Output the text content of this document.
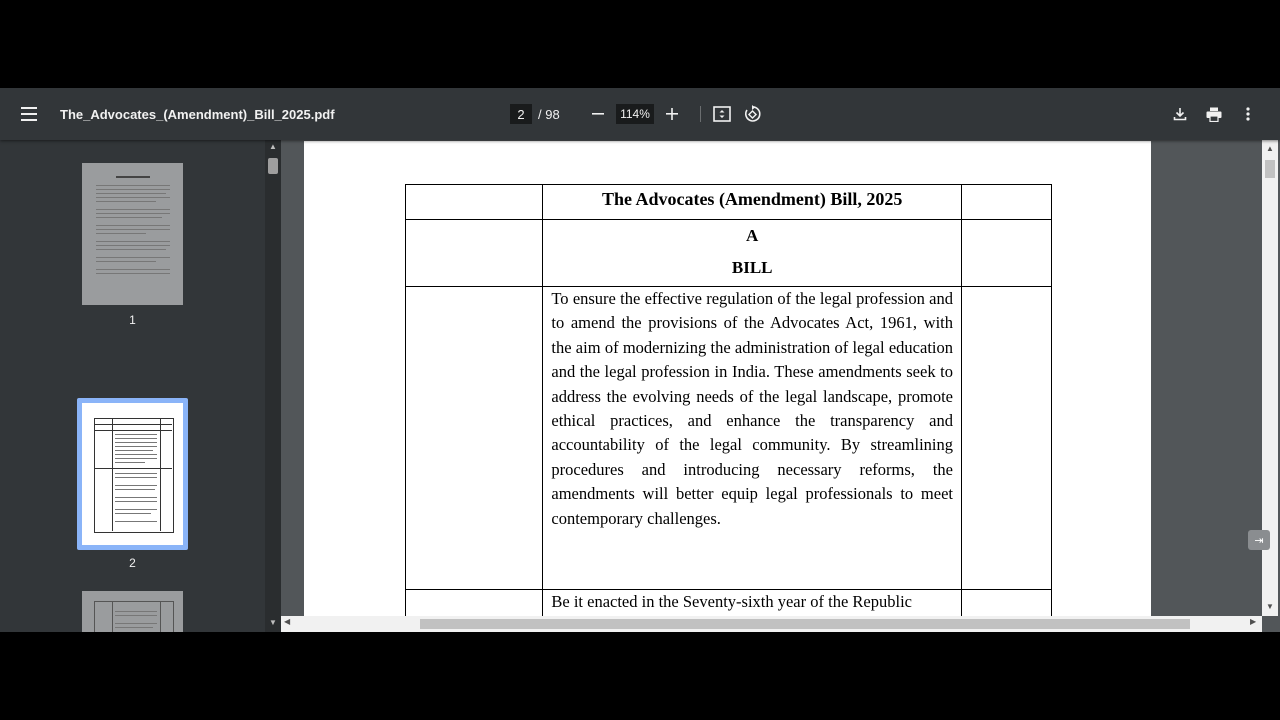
The_Advocates_(Amendment)_Bill_2025.pdf
2	/ 98
114%
1
2
▲
▼
	The Advocates (Amendment) Bill, 2025	

	A
BILL	

	To ensure the effective regulation of the legal profession and to amend the provisions of the Advocates Act, 1961, with the aim of modernizing the administration of legal education and the legal profession in India. These amendments seek to address the evolving needs of the legal landscape, promote ethical practices, and enhance the transparency and accountability of the legal community. By streamlining procedures and introducing necessary reforms, the amendments will better equip legal professionals to meet contemporary challenges.	

	Be it enacted in the Seventy-sixth year of the Republic	
▲
▼
◀	▶
⇥
